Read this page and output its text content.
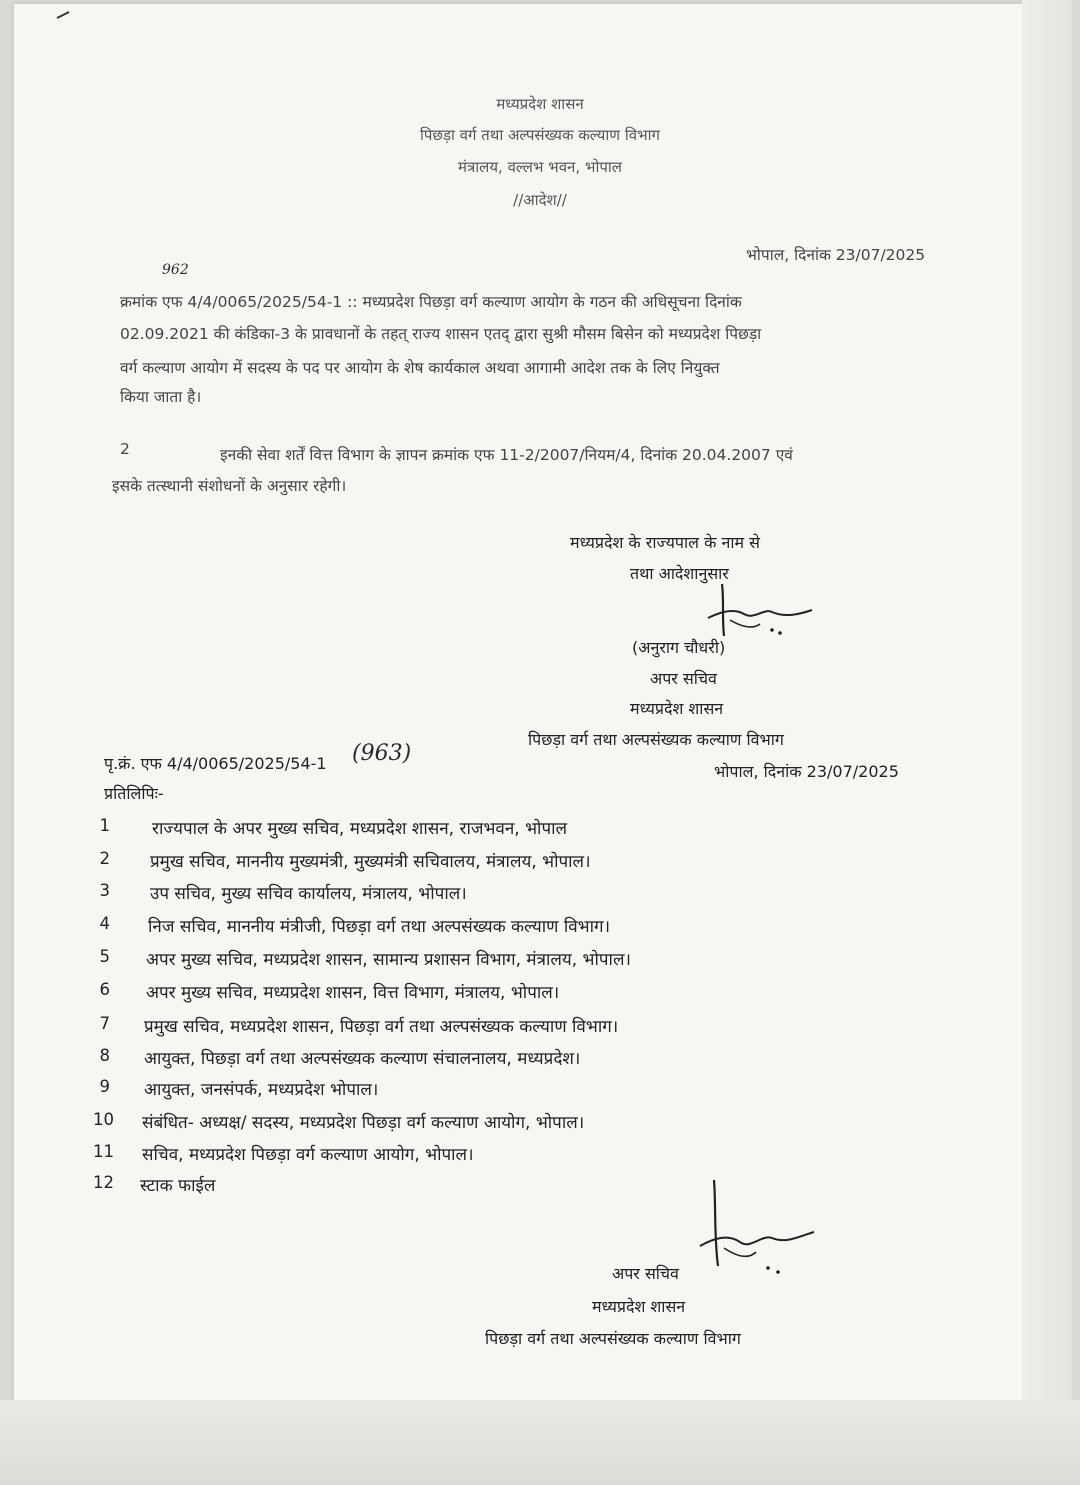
मध्यप्रदेश शासन
पिछड़ा वर्ग तथा अल्पसंख्यक कल्याण विभाग
मंत्रालय, वल्लभ भवन, भोपाल
//आदेश//
भोपाल, दिनांक 23/07/2025
962
क्रमांक एफ 4/4/0065/2025/54-1 :: मध्यप्रदेश पिछड़ा वर्ग कल्याण आयोग के गठन की अधिसूचना दिनांक
02.09.2021 की कंडिका-3 के प्रावधानों के तहत् राज्य शासन एतद् द्वारा सुश्री मौसम बिसेन को मध्यप्रदेश पिछड़ा
वर्ग कल्याण आयोग में सदस्य के पद पर आयोग के शेष कार्यकाल अथवा आगामी आदेश तक के लिए नियुक्त
किया जाता है।
2	इनकी सेवा शर्तें वित्त विभाग के ज्ञापन क्रमांक एफ 11-2/2007/नियम/4, दिनांक 20.04.2007 एवं
इसके तत्स्थानी संशोधनों के अनुसार रहेगी।
मध्यप्रदेश के राज्यपाल के नाम से
तथा आदेशानुसार
(अनुराग चौधरी)
अपर सचिव
मध्यप्रदेश शासन
पिछड़ा वर्ग तथा अल्पसंख्यक कल्याण विभाग
पृ.क्रं. एफ 4/4/0065/2025/54-1 (963)
भोपाल, दिनांक 23/07/2025
प्रतिलिपिः-
1 राज्यपाल के अपर मुख्य सचिव, मध्यप्रदेश शासन, राजभवन, भोपाल
2 प्रमुख सचिव, माननीय मुख्यमंत्री, मुख्यमंत्री सचिवालय, मंत्रालय, भोपाल।
3 उप सचिव, मुख्य सचिव कार्यालय, मंत्रालय, भोपाल।
4 निज सचिव, माननीय मंत्रीजी, पिछड़ा वर्ग तथा अल्पसंख्यक कल्याण विभाग।
5 अपर मुख्य सचिव, मध्यप्रदेश शासन, सामान्य प्रशासन विभाग, मंत्रालय, भोपाल।
6 अपर मुख्य सचिव, मध्यप्रदेश शासन, वित्त विभाग, मंत्रालय, भोपाल।
7 प्रमुख सचिव, मध्यप्रदेश शासन, पिछड़ा वर्ग तथा अल्पसंख्यक कल्याण विभाग।
8 आयुक्त, पिछड़ा वर्ग तथा अल्पसंख्यक कल्याण संचालनालय, मध्यप्रदेश।
9 आयुक्त, जनसंपर्क, मध्यप्रदेश भोपाल।
10 संबंधित- अध्यक्ष/ सदस्य, मध्यप्रदेश पिछड़ा वर्ग कल्याण आयोग, भोपाल।
11 सचिव, मध्यप्रदेश पिछड़ा वर्ग कल्याण आयोग, भोपाल।
12 स्टाक फाईल
अपर सचिव
मध्यप्रदेश शासन
पिछड़ा वर्ग तथा अल्पसंख्यक कल्याण विभाग
